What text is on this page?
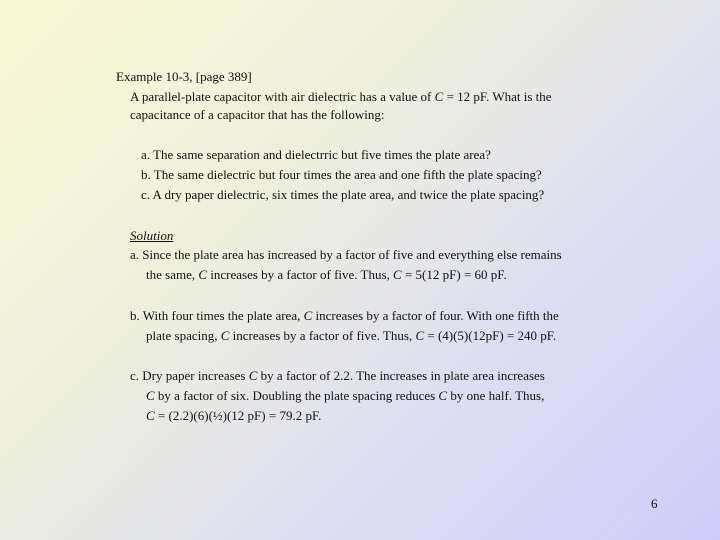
Example 10-3, [page 389]
A parallel-plate capacitor with air dielectric has a value of C = 12 pF. What is the
capacitance of a capacitor that has the following:
a. The same separation and dielectrric but five times the plate area?
b. The same dielectric but four times the area and one fifth the plate spacing?
c. A dry paper dielectric, six times the plate area, and twice the plate spacing?
Solution
a. Since the plate area has increased by a factor of five and everything else remains
the same, C increases by a factor of five. Thus, C = 5(12 pF) = 60 pF.
b. With four times the plate area, C increases by a factor of four. With one fifth the
plate spacing, C increases by a factor of five. Thus, C = (4)(5)(12pF) = 240 pF.
c. Dry paper increases C by a factor of 2.2. The increases in plate area increases
C by a factor of six. Doubling the plate spacing reduces C by one half. Thus,
C = (2.2)(6)(½)(12 pF) = 79.2 pF.
6
